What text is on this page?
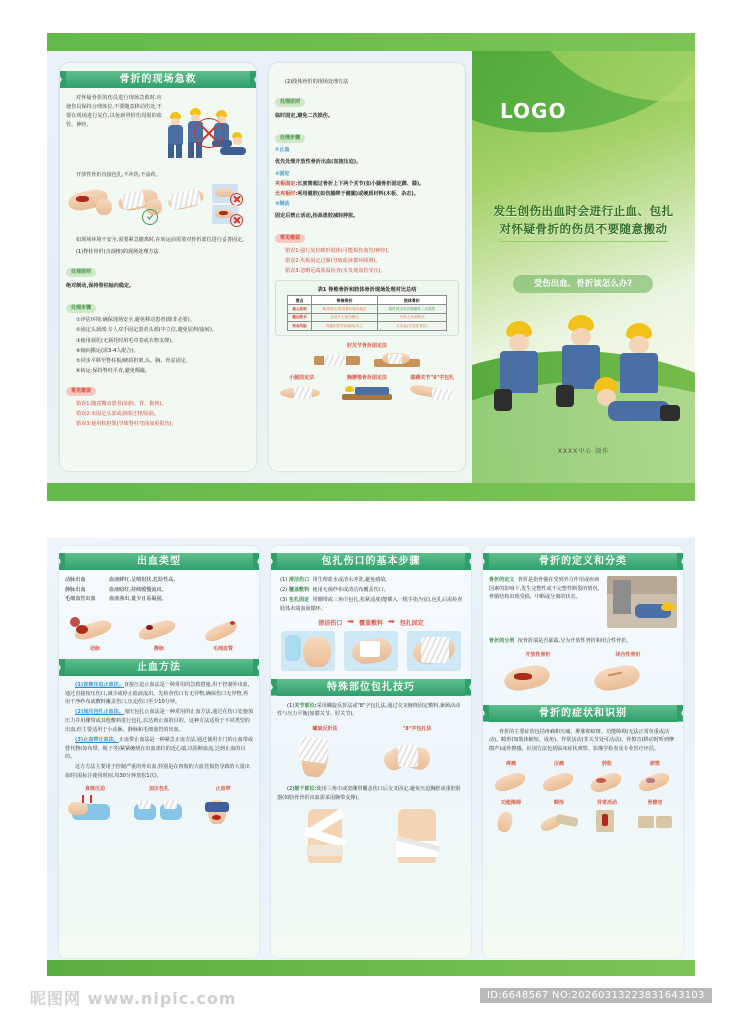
骨折的现场急救
对怀疑骨折的伤员进行现场急救时,应使伤员保持合理体位,不要随意移动伤处,不要在现场进行复位,以免新骨折伤周围的血管、神经。
开放性骨折直接包扎,不冲洗,不涂药。
如现场环境不安全,需要紧急撤离时,在转运前需要对骨折部位进行妥善固定。
(1)脊柱骨折(含颈椎)的现场处理方法
处理原则
绝对制动,保持脊柱轴向稳定。
处理步骤
①评估环境:确保现场安全,避免移动患者(除非必要)。
②固定头颈部:专人双手固定患者头部(中立位,避免屈伸/旋转)。
③使用颈托(无颈托时用毛巾卷或衣物支撑)。
④轴向搬运(需3-4人配合)。
⑤同步平移至脊柱板/硬质担架,头、胸、骨盆固定。
⑥转运:保持脊柱平直,避免颠簸。
常见错误
错误1:随意搬动患者(如抱、背、拖拽)。
错误2:未固定头部或颈部过伸/屈曲。
错误3:使用软担架(导致脊柱弯曲加重损伤)。
(2)肢体骨折的现场处理方法
处理原则
临时固定,避免二次损伤。
处理步骤
①止血
优先处理开放性骨折出血(直接压迫)。
②固定
夹板固定:长度需超过骨折上下两个关节(如小腿骨折固定踝、膝)。
无夹板时:利用健肢(如伤腿绑于健腿)或硬质材料(木板、杂志)。
③制动
固定后禁止活动,抬高患肢减轻肿胀。
常见错误
错误1:强行复位畸形肢体(可能损伤血管/神经)。
错误2:夹板固定过紧(导致血液循环障碍)。
错误3:忽略远端肤温检查(未发现血管受压)。
表1 脊椎骨折和肢体骨折现场处理对比总结
要点	脊椎骨折	肢体骨折
核心原则	绝对制动,保持脊柱轴向稳定	临时固定骨折端避免二次损伤
搬运要求	必须多人轴向搬运	可单人协助移动
致命风险	脊髓损伤导致瘫痪/死亡	大出血(开放性骨折)
肘关节骨折固定法
小腿固定法	胸腰椎骨折固定法	膝踝关节"8"字包扎
LOGO
发生创伤出血时会进行止血、包扎
对怀疑骨折的伤员不要随意搬动
受伤出血、骨折该怎么办?
XXXX中心 制作
出血类型
动脉出血	血液鲜红,呈喷射状,危险性高。
静脉出血	血液暗红,持续缓慢流出。
毛细血管出血	血液渗出,量少且易凝固。
动脉	静脉	毛细血管
止血方法
(1)直接压迫止血法。直接压迫止血法是一种常用的急救措施,用于控制外出血,通过直接按压伤口,减少或停止血液流出。先检查伤口有无异物,确保伤口无异物,再用干净纱布或敷料覆盖伤口,压迫伤口至少10分钟。
(2)加压包扎止血法。加压包扎止血法是一种常用的止血方法,通过在伤口处施加压力并用绷带或其他敷料进行包扎,以达到止血的目的。这种方法适用于不同类型的出血,但主要适用于小动脉、静脉和毛细血管的出血。
(3)止血带止血法。止血带止血法是一种紧急止血方法,通过使用专门的止血带或替代物(如布带、绳子等)紧紧缠绕在出血部位的近心端,以阻断血流,达到止血的目的。
这方方法主要用于控制严重的外出血,特别是在四肢的大血管损伤导致的大量出血时(需标注使用时间,每30分钟放松1次)。
直接压迫	加压包扎	止血带
包扎伤口的基本步骤
(1) 清洁伤口 用生理盐水或清水冲洗,避免感染。
(2) 覆盖敷料 使用无菌纱布或清洁布覆盖伤口。
(3) 包扎固定 用绷带或三角巾包扎,松紧适度(能插入一根手指为宜),包扎后需检查肢体末端血液循环。
清洁伤口 ➡ 覆盖敷料 ➡ 包扎固定
特殊部位包扎技巧
(1)关节部位:采用螺旋反折法或"8"字包扎法,通过交叉缠绕固定敷料,兼顾活动性与压力平衡(如膝关节、肘关节)。
螺旋反折法	"8"字包扎法
(2)躯干部位:使用三角巾或宽绷带覆盖伤口后交叉固定,避免压迫胸腔或重腔脏器(如肋骨骨折出血需采用胸带支撑)。
骨折的定义和分类
骨折的定义 骨折是指骨骼在受到外力作用或疾病因素的影响下,发生完整性或不完整性断裂的情况,骨骼结构出现受损、中断或分离的状态。
骨折的分类 按骨折端是否暴露,分为开放性骨折和闭合性骨折。
开放性骨折	闭合性骨折
骨折的症状和识别
骨折的主要症状包括疼痛和压痛、肿胀和瘀斑、功能障碍(无法正常负重或活动)、畸形(如肢体缩短、成角)、异常活动(非关节处可活动)、骨擦音(移动时听到摩擦声)或骨擦感。识别方法包括临床症状观察、影像学检查及专业医疗评估。
疼痛	压痛	肿胀	瘀斑
功能障碍	畸形	异常活动	骨擦音
昵图网 www.nipic.com	ID:6648567 NO:20260313223831643103
